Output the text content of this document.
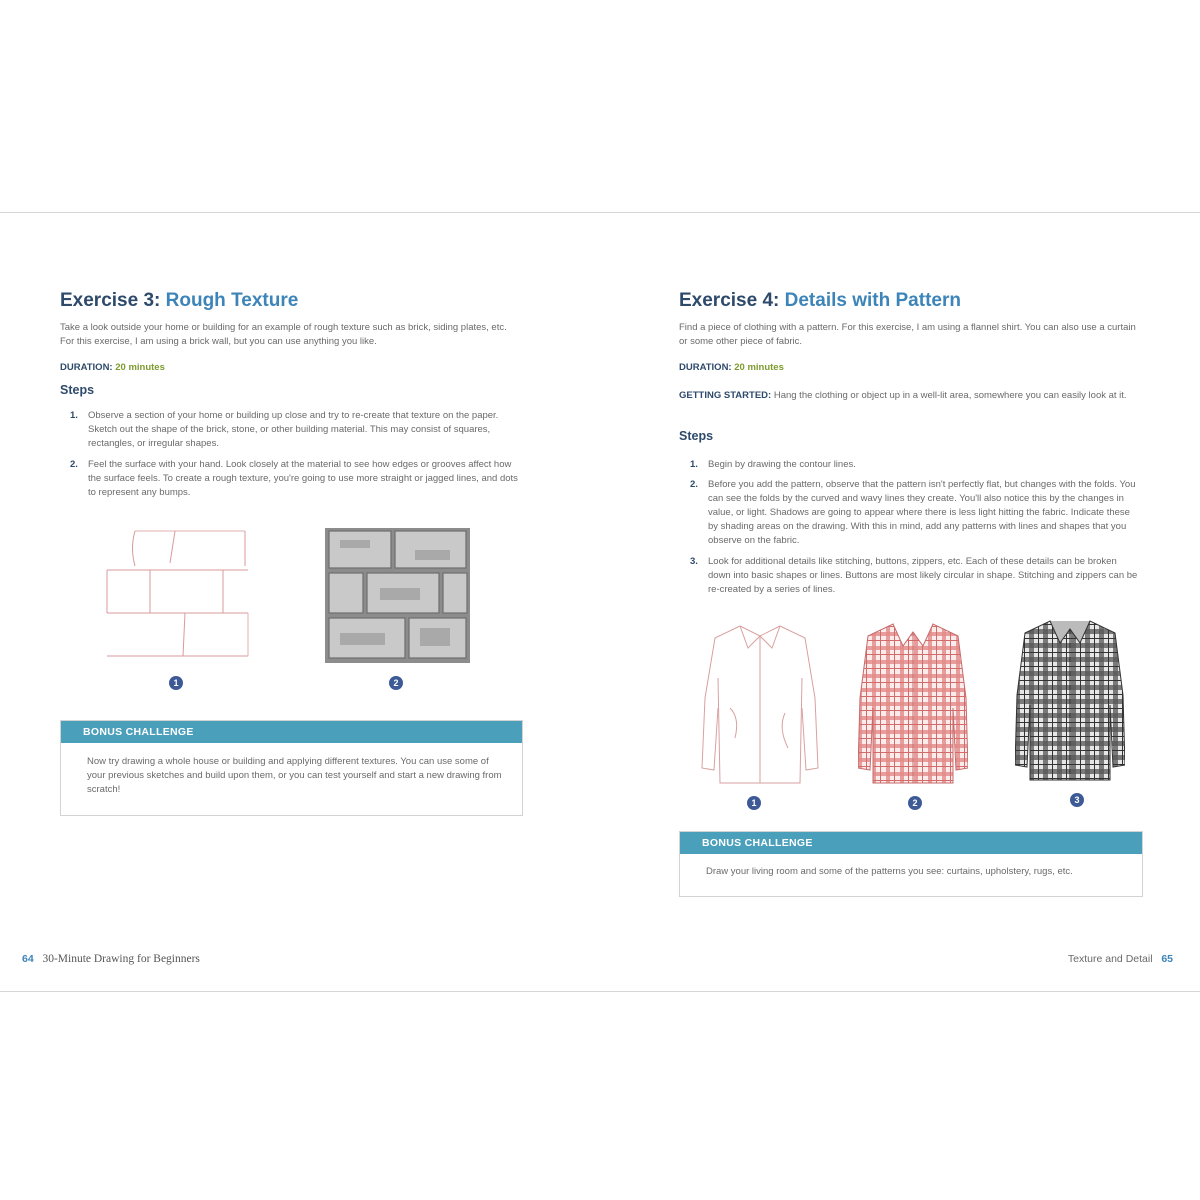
Exercise 3: Rough Texture

Take a look outside your home or building for an example of rough texture such as brick, siding plates, etc. For this exercise, I am using a brick wall, but you can use anything you like.

DURATION: 20 minutes
Steps
1. Observe a section of your home or building up close and try to re-create that texture on the paper. Sketch out the shape of the brick, stone, or other building material. This may consist of squares, rectangles, or irregular shapes.
2. Feel the surface with your hand. Look closely at the material to see how edges or grooves affect how the surface feels. To create a rough texture, you're going to use more straight or jagged lines, and dots to represent any bumps.
1	2
BONUS CHALLENGE
Now try drawing a whole house or building and applying different textures. You can use some of your previous sketches and build upon them, or you can test yourself and start a new drawing from scratch!
64 30-Minute Drawing for Beginners
Exercise 4: Details with Pattern

Find a piece of clothing with a pattern. For this exercise, I am using a flannel shirt. You can also use a curtain or some other piece of fabric.

DURATION: 20 minutes
GETTING STARTED: Hang the clothing or object up in a well-lit area, somewhere you can easily look at it.
Steps
1. Begin by drawing the contour lines.
2. Before you add the pattern, observe that the pattern isn't perfectly flat, but changes with the folds. You can see the folds by the curved and wavy lines they create. You'll also notice this by the changes in value, or light. Shadows are going to appear where there is less light hitting the fabric. Indicate these by shading areas on the drawing. With this in mind, add any patterns with lines and shapes that you observe on the fabric.
3. Look for additional details like stitching, buttons, zippers, etc. Each of these details can be broken down into basic shapes or lines. Buttons are most likely circular in shape. Stitching and zippers can be re-created by a series of lines.
1	2	3
BONUS CHALLENGE
Draw your living room and some of the patterns you see: curtains, upholstery, rugs, etc.
Texture and Detail 65
